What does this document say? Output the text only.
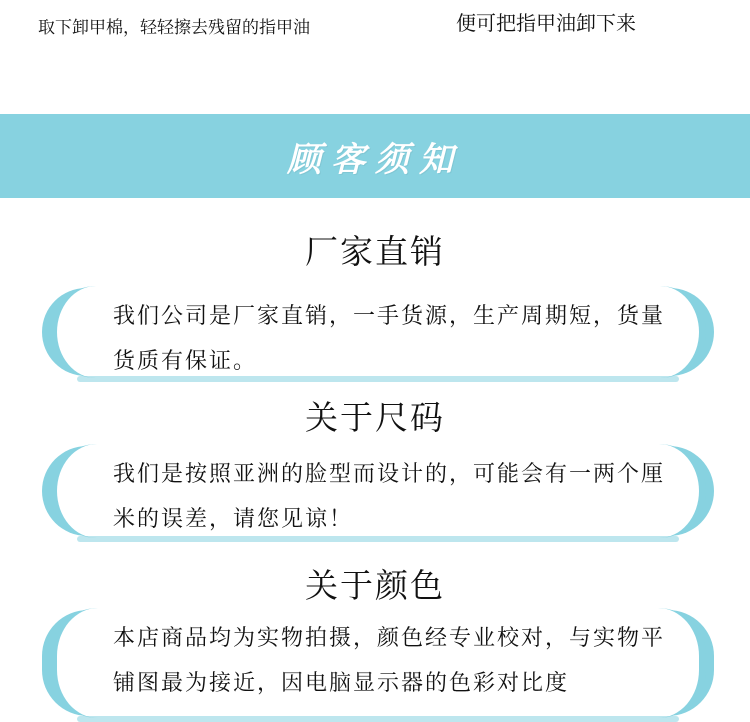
取下卸甲棉，轻轻擦去残留的指甲油	便可把指甲油卸下来
顾客须知
厂家直销
我们公司是厂家直销，一手货源，生产周期短，货量货质有保证。
关于尺码
我们是按照亚洲的脸型而设计的，可能会有一两个厘米的误差，请您见谅！
关于颜色
本店商品均为实物拍摄，颜色经专业校对，与实物平铺图最为接近，因电脑显示器的色彩对比度
